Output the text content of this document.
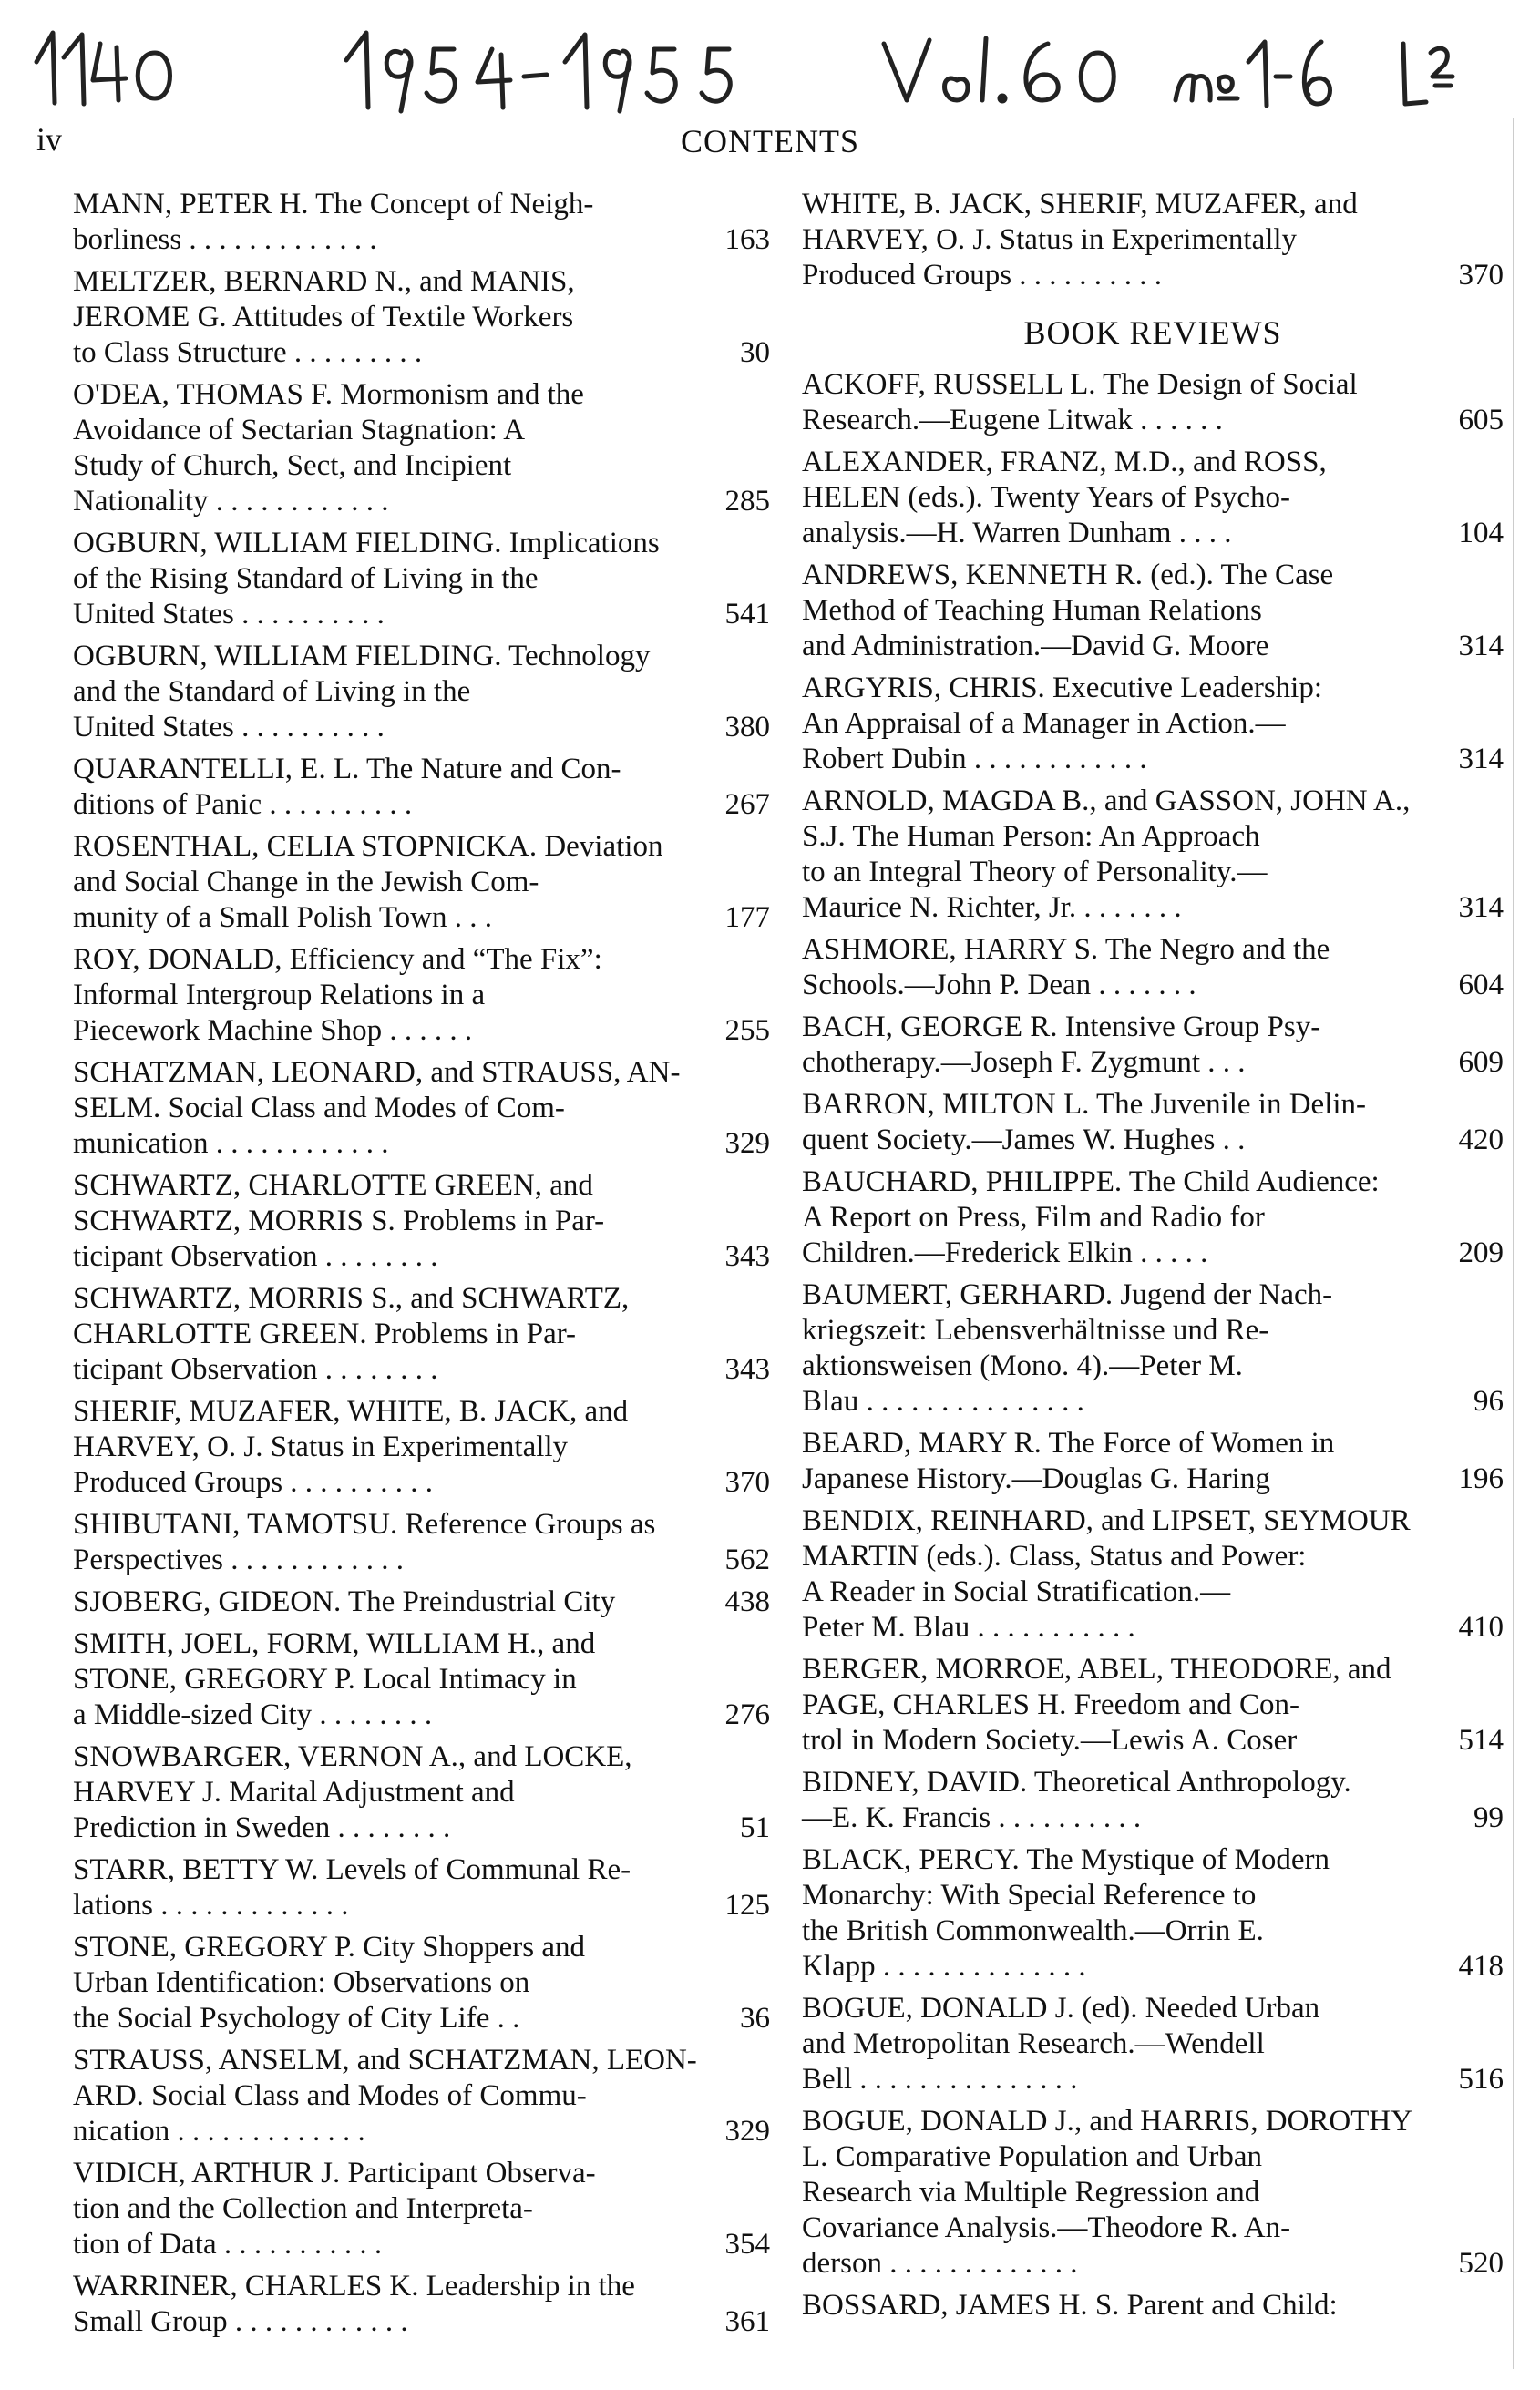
iv	CONTENTS
MANN, PETER H. The Concept of Neigh-
borliness . . . . . . . . . . . . .	163
MELTZER, BERNARD N., and MANIS,
JEROME G. Attitudes of Textile Workers
to Class Structure . . . . . . . . .	30
O'DEA, THOMAS F. Mormonism and the
Avoidance of Sectarian Stagnation: A
Study of Church, Sect, and Incipient
Nationality . . . . . . . . . . . .	285
OGBURN, WILLIAM FIELDING. Implications
of the Rising Standard of Living in the
United States . . . . . . . . . .	541
OGBURN, WILLIAM FIELDING. Technology
and the Standard of Living in the
United States . . . . . . . . . .	380
QUARANTELLI, E. L. The Nature and Con-
ditions of Panic . . . . . . . . . .	267
ROSENTHAL, CELIA STOPNICKA. Deviation
and Social Change in the Jewish Com-
munity of a Small Polish Town . . .	177
ROY, DONALD, Efficiency and “The Fix”:
Informal Intergroup Relations in a
Piecework Machine Shop . . . . . .	255
SCHATZMAN, LEONARD, and STRAUSS, AN-
SELM. Social Class and Modes of Com-
munication . . . . . . . . . . . .	329
SCHWARTZ, CHARLOTTE GREEN, and
SCHWARTZ, MORRIS S. Problems in Par-
ticipant Observation . . . . . . . .	343
SCHWARTZ, MORRIS S., and SCHWARTZ,
CHARLOTTE GREEN. Problems in Par-
ticipant Observation . . . . . . . .	343
SHERIF, MUZAFER, WHITE, B. JACK, and
HARVEY, O. J. Status in Experimentally
Produced Groups . . . . . . . . . .	370
SHIBUTANI, TAMOTSU. Reference Groups as
Perspectives . . . . . . . . . . . .	562
SJOBERG, GIDEON. The Preindustrial City	438
SMITH, JOEL, FORM, WILLIAM H., and
STONE, GREGORY P. Local Intimacy in
a Middle-sized City . . . . . . . .	276
SNOWBARGER, VERNON A., and LOCKE,
HARVEY J. Marital Adjustment and
Prediction in Sweden . . . . . . . .	51
STARR, BETTY W. Levels of Communal Re-
lations . . . . . . . . . . . . .	125
STONE, GREGORY P. City Shoppers and
Urban Identification: Observations on
the Social Psychology of City Life . .	36
STRAUSS, ANSELM, and SCHATZMAN, LEON-
ARD. Social Class and Modes of Commu-
nication . . . . . . . . . . . . .	329
VIDICH, ARTHUR J. Participant Observa-
tion and the Collection and Interpreta-
tion of Data . . . . . . . . . . .	354
WARRINER, CHARLES K. Leadership in the
Small Group . . . . . . . . . . . .	361
WHITE, B. JACK, SHERIF, MUZAFER, and
HARVEY, O. J. Status in Experimentally
Produced Groups . . . . . . . . . .	370
BOOK REVIEWS
ACKOFF, RUSSELL L. The Design of Social
Research.—Eugene Litwak . . . . . .	605
ALEXANDER, FRANZ, M.D., and ROSS,
HELEN (eds.). Twenty Years of Psycho-
analysis.—H. Warren Dunham . . . .	104
ANDREWS, KENNETH R. (ed.). The Case
Method of Teaching Human Relations
and Administration.—David G. Moore	314
ARGYRIS, CHRIS. Executive Leadership:
An Appraisal of a Manager in Action.—
Robert Dubin . . . . . . . . . . . .	314
ARNOLD, MAGDA B., and GASSON, JOHN A.,
S.J. The Human Person: An Approach
to an Integral Theory of Personality.—
Maurice N. Richter, Jr. . . . . . . .	314
ASHMORE, HARRY S. The Negro and the
Schools.—John P. Dean . . . . . . .	604
BACH, GEORGE R. Intensive Group Psy-
chotherapy.—Joseph F. Zygmunt . . .	609
BARRON, MILTON L. The Juvenile in Delin-
quent Society.—James W. Hughes . .	420
BAUCHARD, PHILIPPE. The Child Audience:
A Report on Press, Film and Radio for
Children.—Frederick Elkin . . . . .	209
BAUMERT, GERHARD. Jugend der Nach-
kriegszeit: Lebensverhältnisse und Re-
aktionsweisen (Mono. 4).—Peter M.
Blau . . . . . . . . . . . . . . .	96
BEARD, MARY R. The Force of Women in
Japanese History.—Douglas G. Haring	196
BENDIX, REINHARD, and LIPSET, SEYMOUR
MARTIN (eds.). Class, Status and Power:
A Reader in Social Stratification.—
Peter M. Blau . . . . . . . . . . .	410
BERGER, MORROE, ABEL, THEODORE, and
PAGE, CHARLES H. Freedom and Con-
trol in Modern Society.—Lewis A. Coser	514
BIDNEY, DAVID. Theoretical Anthropology.
—E. K. Francis . . . . . . . . . .	99
BLACK, PERCY. The Mystique of Modern
Monarchy: With Special Reference to
the British Commonwealth.—Orrin E.
Klapp . . . . . . . . . . . . . .	418
BOGUE, DONALD J. (ed). Needed Urban
and Metropolitan Research.—Wendell
Bell . . . . . . . . . . . . . . .	516
BOGUE, DONALD J., and HARRIS, DOROTHY
L. Comparative Population and Urban
Research via Multiple Regression and
Covariance Analysis.—Theodore R. An-
derson . . . . . . . . . . . . .	520
BOSSARD, JAMES H. S. Parent and Child:
